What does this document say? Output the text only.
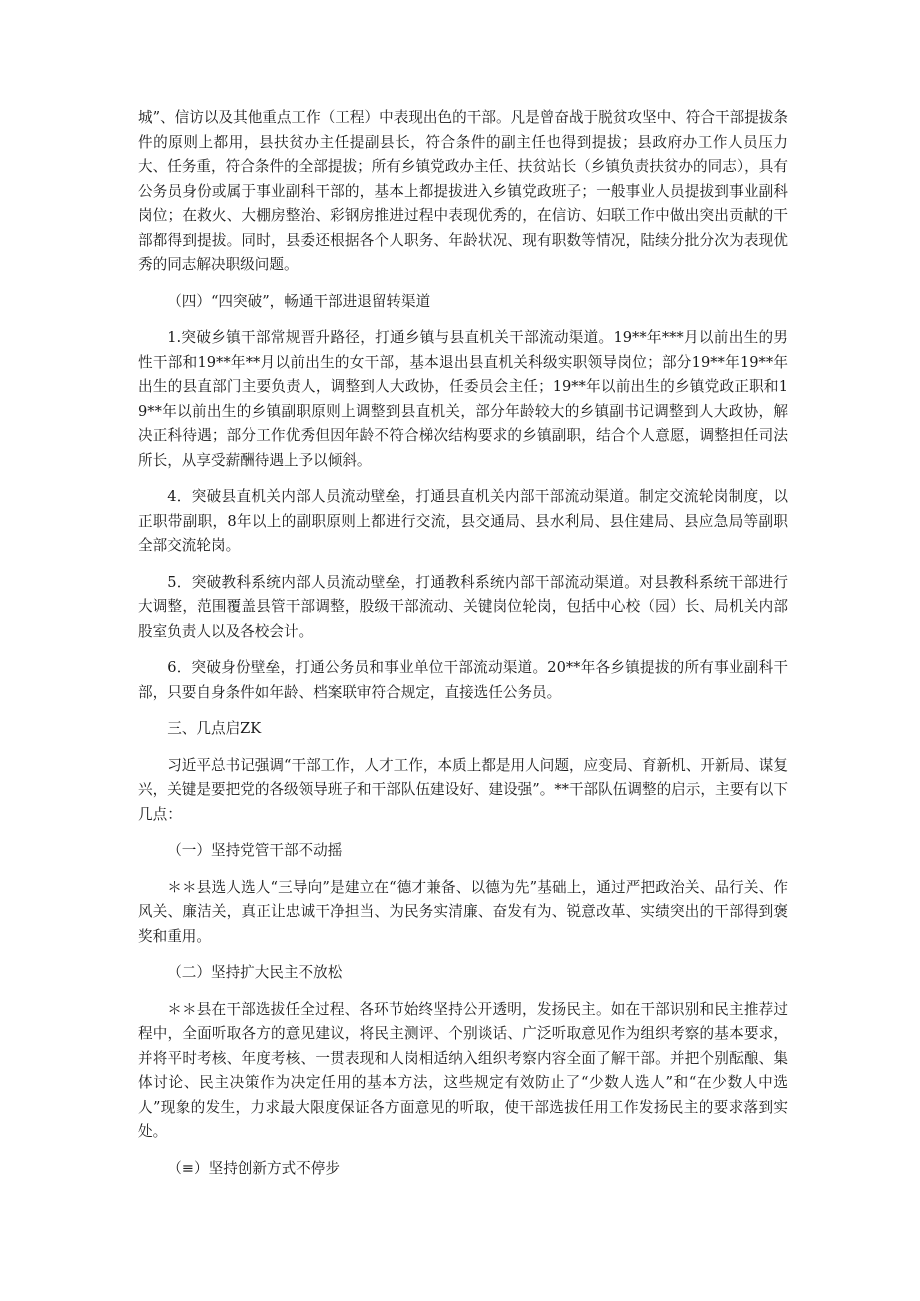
城”、信访以及其他重点工作（工程）中表现出色的干部。凡是曾奋战于脱贫攻坚中、符合干部提拔条件的原则上都用，县扶贫办主任提副县长，符合条件的副主任也得到提拔；县政府办工作人员压力大、任务重，符合条件的全部提拔；所有乡镇党政办主任、扶贫站长（乡镇负责扶贫办的同志），具有公务员身份或属于事业副科干部的，基本上都提拔进入乡镇党政班子；一般事业人员提拔到事业副科岗位；在救火、大棚房整治、彩钢房推进过程中表现优秀的，在信访、妇联工作中做出突出贡献的干部都得到提拔。同时，县委还根据各个人职务、年龄状况、现有职数等情况，陆续分批分次为表现优秀的同志解决职级问题。

（四）“四突破”，畅通干部进退留转渠道

1.突破乡镇干部常规晋升路径，打通乡镇与县直机关干部流动渠道。19**年***月以前出生的男性干部和19**年**月以前出生的女干部，基本退出县直机关科级实职领导岗位；部分19**年19**年出生的县直部门主要负责人，调整到人大政协，任委员会主任；19**年以前出生的乡镇党政正职和19**年以前出生的乡镇副职原则上调整到县直机关，部分年龄较大的乡镇副书记调整到人大政协，解决正科待遇；部分工作优秀但因年龄不符合梯次结构要求的乡镇副职，结合个人意愿，调整担任司法所长，从享受薪酬待遇上予以倾斜。

4．突破县直机关内部人员流动壁垒，打通县直机关内部干部流动渠道。制定交流轮岗制度，以正职带副职，8年以上的副职原则上都进行交流，县交通局、县水利局、县住建局、县应急局等副职全部交流轮岗。

5．突破教科系统内部人员流动壁垒，打通教科系统内部干部流动渠道。对县教科系统干部进行大调整，范围覆盖县管干部调整，股级干部流动、关键岗位轮岗，包括中心校（园）长、局机关内部股室负责人以及各校会计。

6．突破身份壁垒，打通公务员和事业单位干部流动渠道。20**年各乡镇提拔的所有事业副科干部，只要自身条件如年龄、档案联审符合规定，直接选任公务员。

三、几点启ZK

习近平总书记强调“干部工作，人才工作，本质上都是用人问题，应变局、育新机、开新局、谋复兴，关键是要把党的各级领导班子和干部队伍建设好、建设强”。**干部队伍调整的启示，主要有以下几点：

（一）坚持党管干部不动摇

＊＊县选人选人“三导向”是建立在“德才兼备、以德为先”基础上，通过严把政治关、品行关、作风关、廉洁关，真正让忠诚干净担当、为民务实清廉、奋发有为、锐意改革、实绩突出的干部得到褒奖和重用。

（二）坚持扩大民主不放松

＊＊县在干部选拔任全过程、各环节始终坚持公开透明，发扬民主。如在干部识别和民主推荐过程中，全面听取各方的意见建议，将民主测评、个别谈话、广泛听取意见作为组织考察的基本要求，并将平时考核、年度考核、一贯表现和人岗相适纳入组织考察内容全面了解干部。并把个别酝酿、集体讨论、民主决策作为决定任用的基本方法，这些规定有效防止了“少数人选人”和“在少数人中选人”现象的发生，力求最大限度保证各方面意见的听取，使干部选拔任用工作发扬民主的要求落到实处。

（≡）坚持创新方式不停步
